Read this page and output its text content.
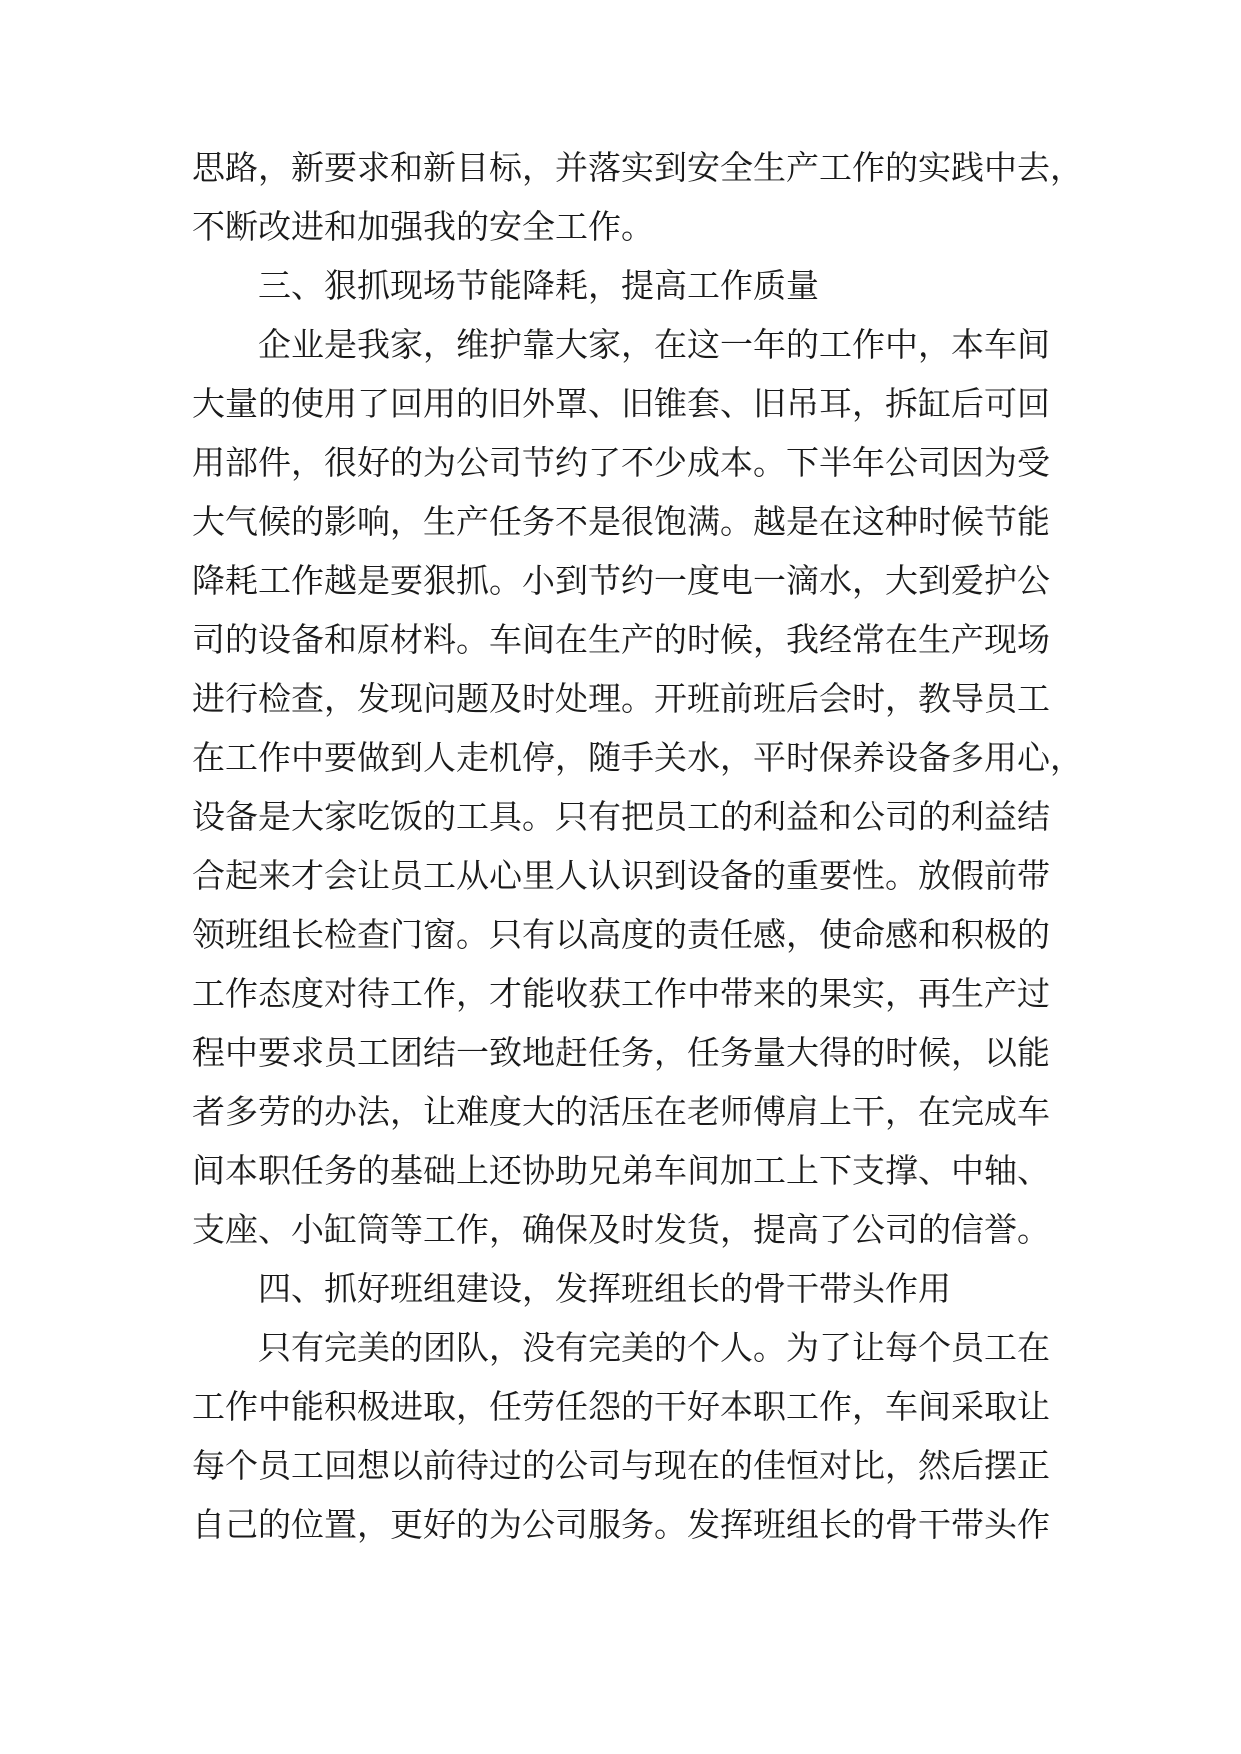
思路，新要求和新目标，并落实到安全生产工作的实践中去，
不断改进和加强我的安全工作。
三、狠抓现场节能降耗，提高工作质量
企业是我家，维护靠大家，在这一年的工作中，本车间
大量的使用了回用的旧外罩、旧锥套、旧吊耳，拆缸后可回
用部件，很好的为公司节约了不少成本。下半年公司因为受
大气候的影响，生产任务不是很饱满。越是在这种时候节能
降耗工作越是要狠抓。小到节约一度电一滴水，大到爱护公
司的设备和原材料。车间在生产的时候，我经常在生产现场
进行检查，发现问题及时处理。开班前班后会时，教导员工
在工作中要做到人走机停，随手关水，平时保养设备多用心，
设备是大家吃饭的工具。只有把员工的利益和公司的利益结
合起来才会让员工从心里人认识到设备的重要性。放假前带
领班组长检查门窗。只有以高度的责任感，使命感和积极的
工作态度对待工作，才能收获工作中带来的果实，再生产过
程中要求员工团结一致地赶任务，任务量大得的时候，以能
者多劳的办法，让难度大的活压在老师傅肩上干，在完成车
间本职任务的基础上还协助兄弟车间加工上下支撑、中轴、
支座、小缸筒等工作，确保及时发货，提高了公司的信誉。
四、抓好班组建设，发挥班组长的骨干带头作用
只有完美的团队，没有完美的个人。为了让每个员工在
工作中能积极进取，任劳任怨的干好本职工作，车间采取让
每个员工回想以前待过的公司与现在的佳恒对比，然后摆正
自己的位置，更好的为公司服务。发挥班组长的骨干带头作
